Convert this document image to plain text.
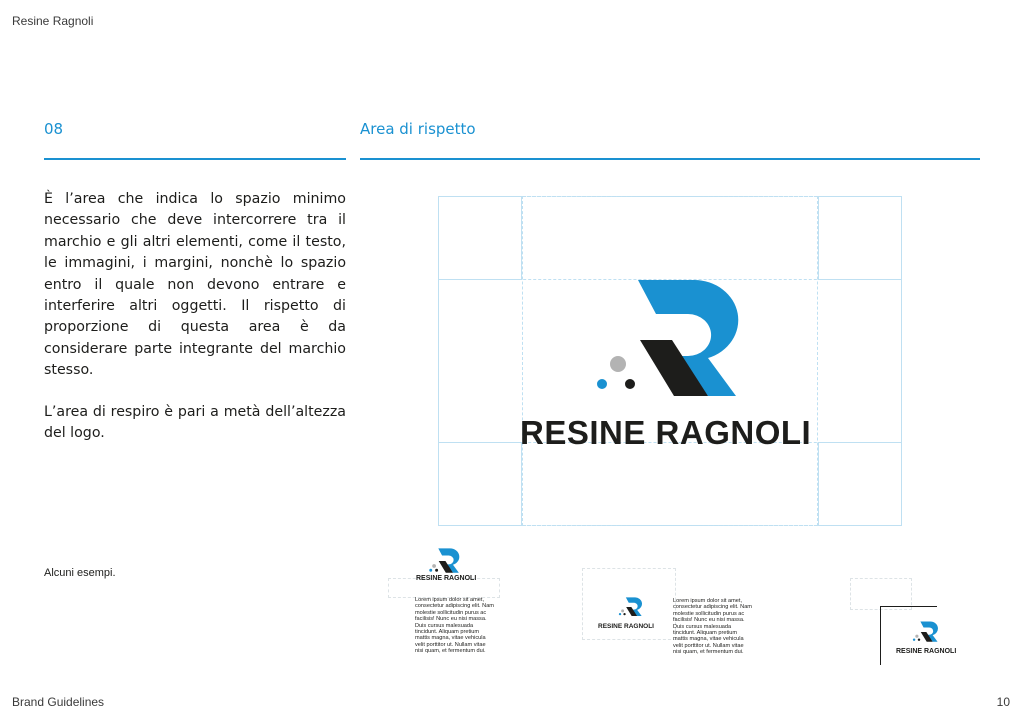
Resine Ragnoli
Brand Guidelines	10
08	Area di rispetto

È l’area che indica lo spazio minimo necessario che deve intercorrere tra il marchio e gli altri elementi, come il testo, le immagini, i margini, nonchè lo spazio entro il quale non devono entrare e interferire altri oggetti. Il rispetto di proporzione di questa area è da considerare parte integrante del marchio stesso.

L’area di respiro è pari a metà dell’altezza del logo.	RESINE RAGNOLI
Alcuni esempi.	RESINE RAGNOLI
Lorem ipsum dolor sit amet, consectetur adipiscing elit. Nam molestie sollicitudin purus ac facilisis! Nunc eu nisi massa. Duis cursus malesuada tincidunt. Aliquam pretium mattis magna, vitae vehicula velit porttitor ut. Nullam vitae nisi quam, et fermentum dui.
RESINE RAGNOLI
Lorem ipsum dolor sit amet, consectetur adipiscing elit. Nam molestie sollicitudin purus ac facilisis! Nunc eu nisi massa. Duis cursus malesuada tincidunt. Aliquam pretium mattis magna, vitae vehicula velit porttitor ut. Nullam vitae nisi quam, et fermentum dui.	RESINE RAGNOLI
